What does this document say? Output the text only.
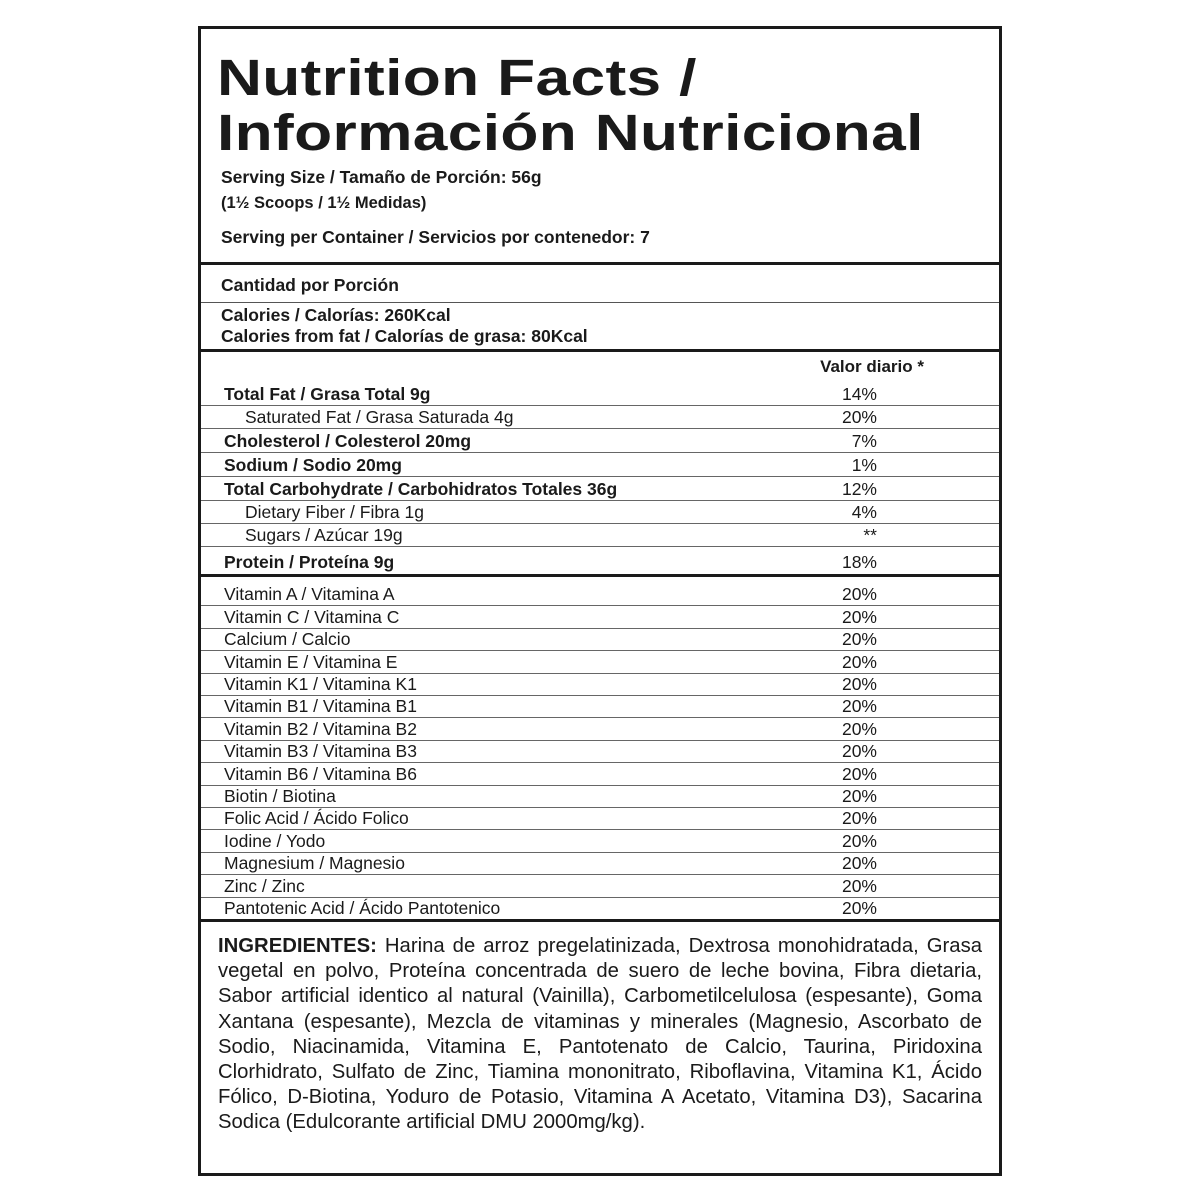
Nutrition Facts /
Información Nutricional
Serving Size / Tamaño de Porción: 56g
(1½ Scoops / 1½ Medidas)
Serving per Container / Servicios por contenedor: 7
Cantidad por Porción
Calories / Calorías: 260Kcal
Calories from fat / Calorías de grasa: 80Kcal
Valor diario *
Total Fat / Grasa Total 9g	14%
Saturated Fat / Grasa Saturada 4g	20%
Cholesterol / Colesterol 20mg	7%
Sodium / Sodio 20mg	1%
Total Carbohydrate / Carbohidratos Totales 36g	12%
Dietary Fiber / Fibra 1g	4%
Sugars / Azúcar 19g	**
Protein / Proteína 9g	18%
Vitamin A / Vitamina A	20%
Vitamin C / Vitamina C	20%
Calcium / Calcio	20%
Vitamin E / Vitamina E	20%
Vitamin K1 / Vitamina K1	20%
Vitamin B1 / Vitamina B1	20%
Vitamin B2 / Vitamina B2	20%
Vitamin B3 / Vitamina B3	20%
Vitamin B6 / Vitamina B6	20%
Biotin / Biotina	20%
Folic Acid / Ácido Folico	20%
Iodine / Yodo	20%
Magnesium / Magnesio	20%
Zinc / Zinc	20%
Pantotenic Acid / Ácido Pantotenico	20%
INGREDIENTES: Harina de arroz pregelatinizada, Dextrosa monohidratada, Grasa vegetal en polvo, Proteína concentrada de suero de leche bovina, Fibra dietaria, Sabor artificial identico al natural (Vainilla), Carbometilcelulosa (espesante), Goma Xantana (espesante), Mezcla de vitaminas y minerales (Magnesio, Ascorbato de Sodio, Niacinamida, Vitamina E, Pantotenato de Calcio, Taurina, Piridoxina Clorhidrato, Sulfato de Zinc, Tiamina mononitrato, Riboflavina, Vitamina K1, Ácido Fólico, D-Biotina, Yoduro de Potasio, Vitamina A Acetato, Vitamina D3), Sacarina Sodica (Edulcorante artificial DMU 2000mg/kg).
